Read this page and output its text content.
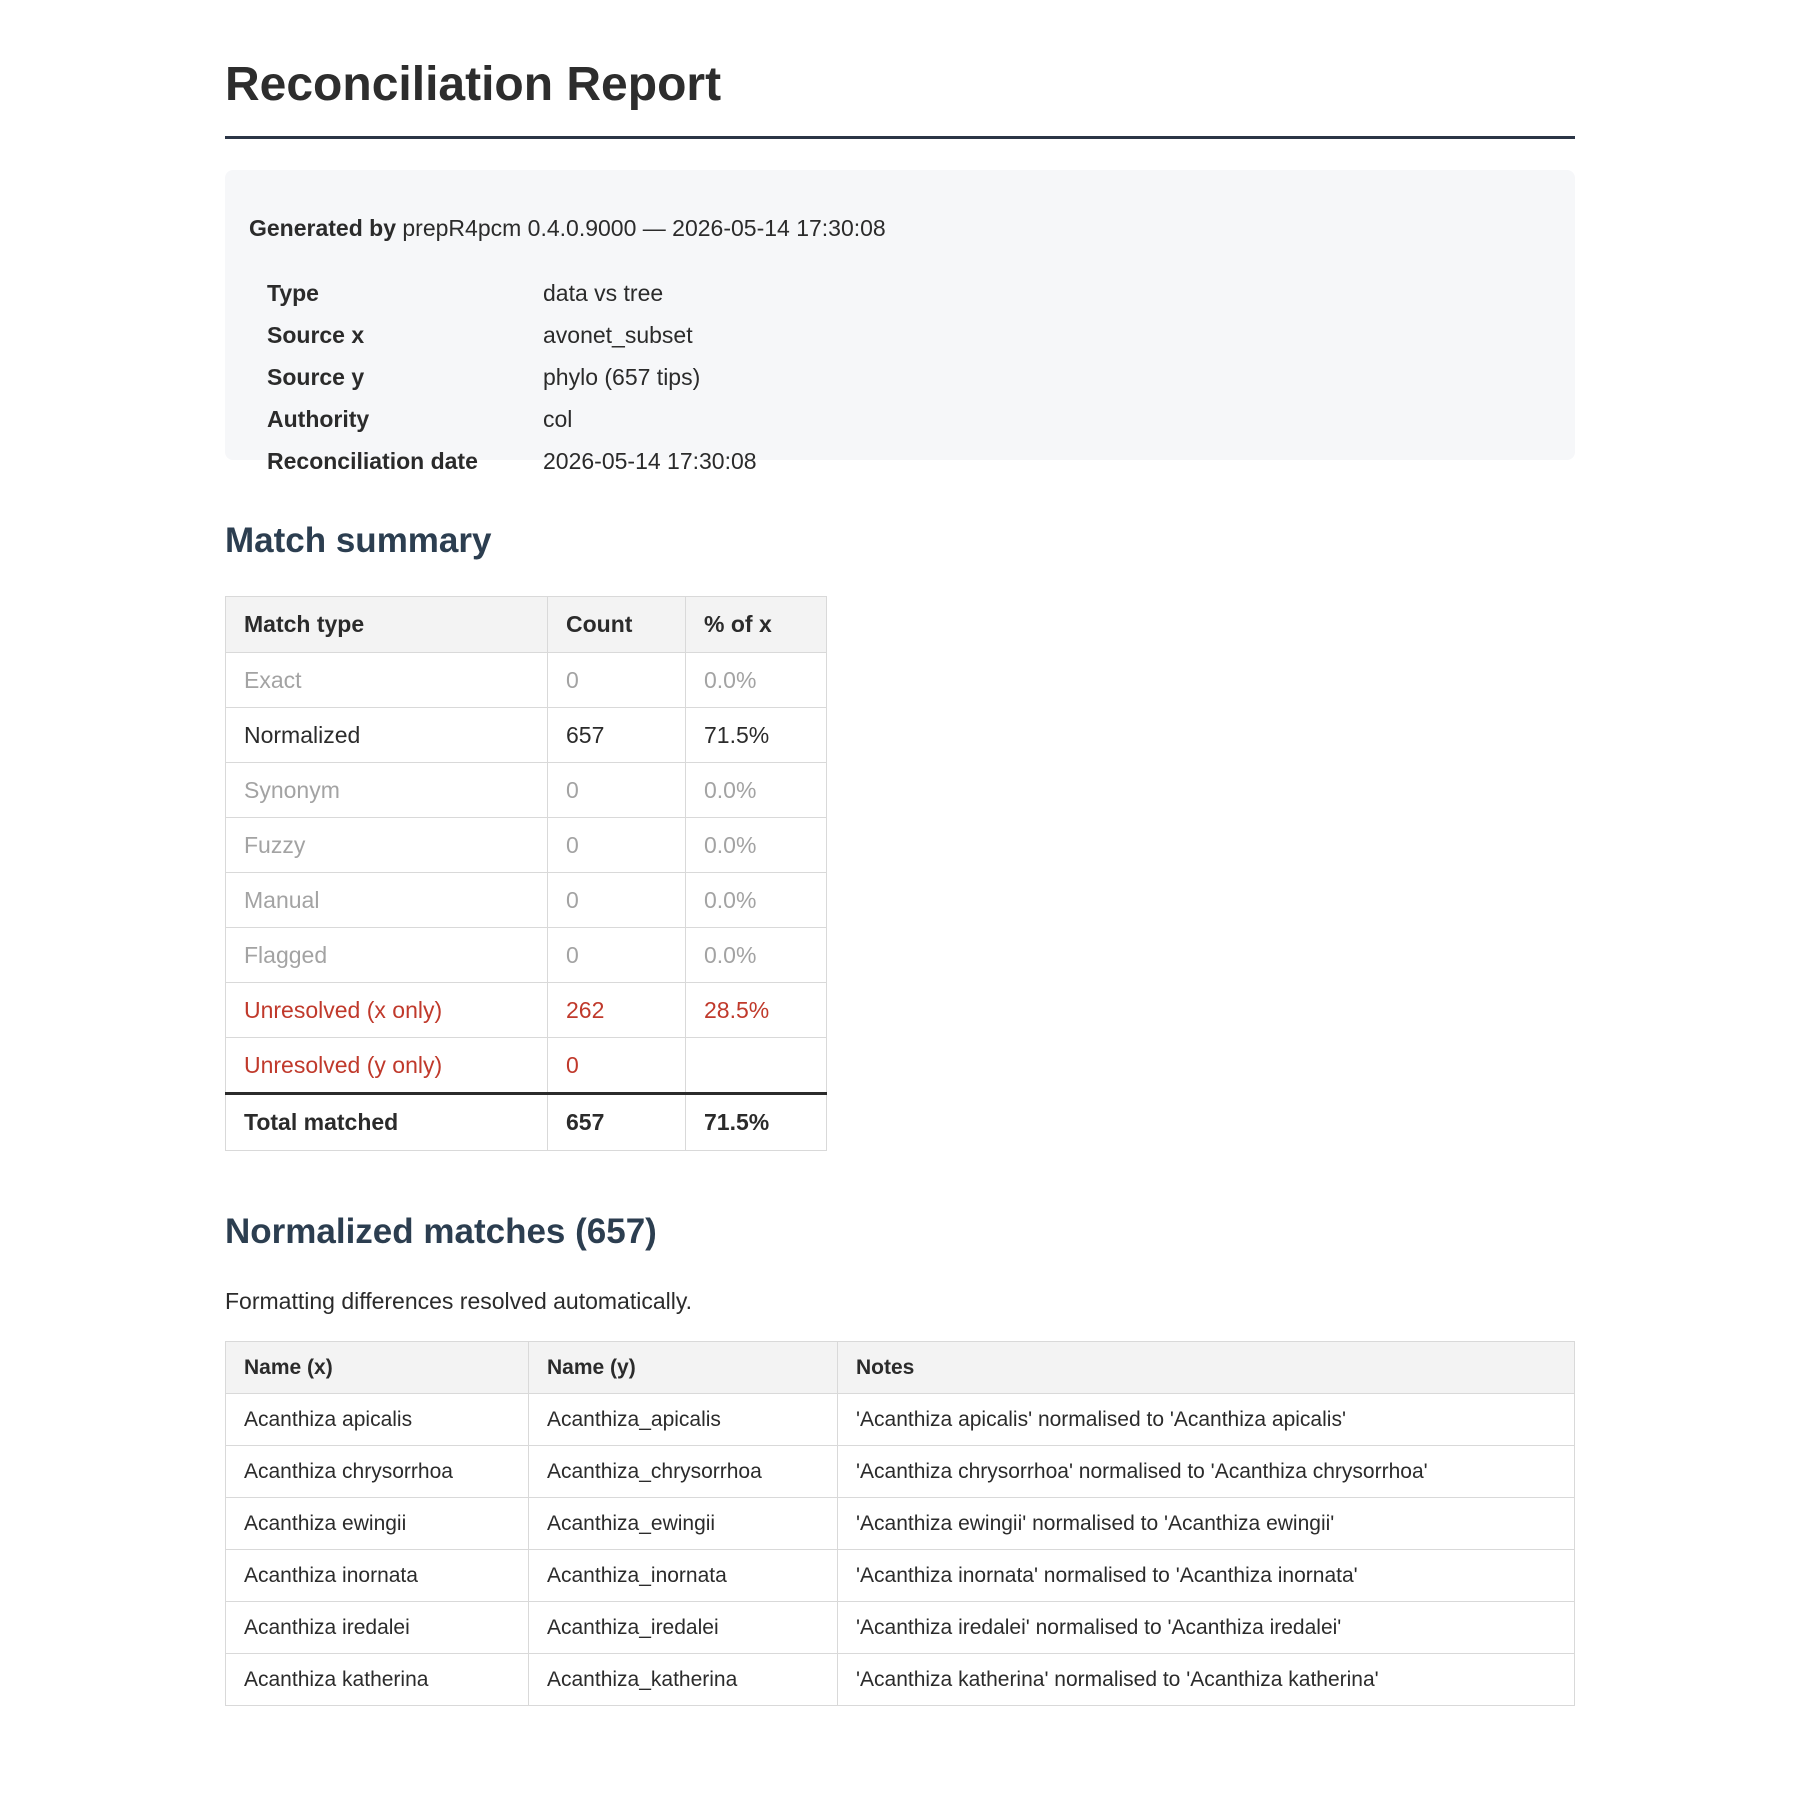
Reconciliation Report
Generated by prepR4pcm 0.4.0.9000 — 2026-05-14 17:30:08
Type	data vs tree
Source x	avonet_subset
Source y	phylo (657 tips)
Authority	col
Reconciliation date	2026-05-14 17:30:08
Match summary
Match type	Count	% of x
Exact	0	0.0%
Normalized	657	71.5%
Synonym	0	0.0%
Fuzzy	0	0.0%
Manual	0	0.0%
Flagged	0	0.0%
Unresolved (x only)	262	28.5%
Unresolved (y only)	0	
Total matched	657	71.5%
Normalized matches (657)
Formatting differences resolved automatically.
Name (x)	Name (y)	Notes
Acanthiza apicalis	Acanthiza_apicalis	'Acanthiza apicalis' normalised to 'Acanthiza apicalis'
Acanthiza chrysorrhoa	Acanthiza_chrysorrhoa	'Acanthiza chrysorrhoa' normalised to 'Acanthiza chrysorrhoa'
Acanthiza ewingii	Acanthiza_ewingii	'Acanthiza ewingii' normalised to 'Acanthiza ewingii'
Acanthiza inornata	Acanthiza_inornata	'Acanthiza inornata' normalised to 'Acanthiza inornata'
Acanthiza iredalei	Acanthiza_iredalei	'Acanthiza iredalei' normalised to 'Acanthiza iredalei'
Acanthiza katherina	Acanthiza_katherina	'Acanthiza katherina' normalised to 'Acanthiza katherina'
